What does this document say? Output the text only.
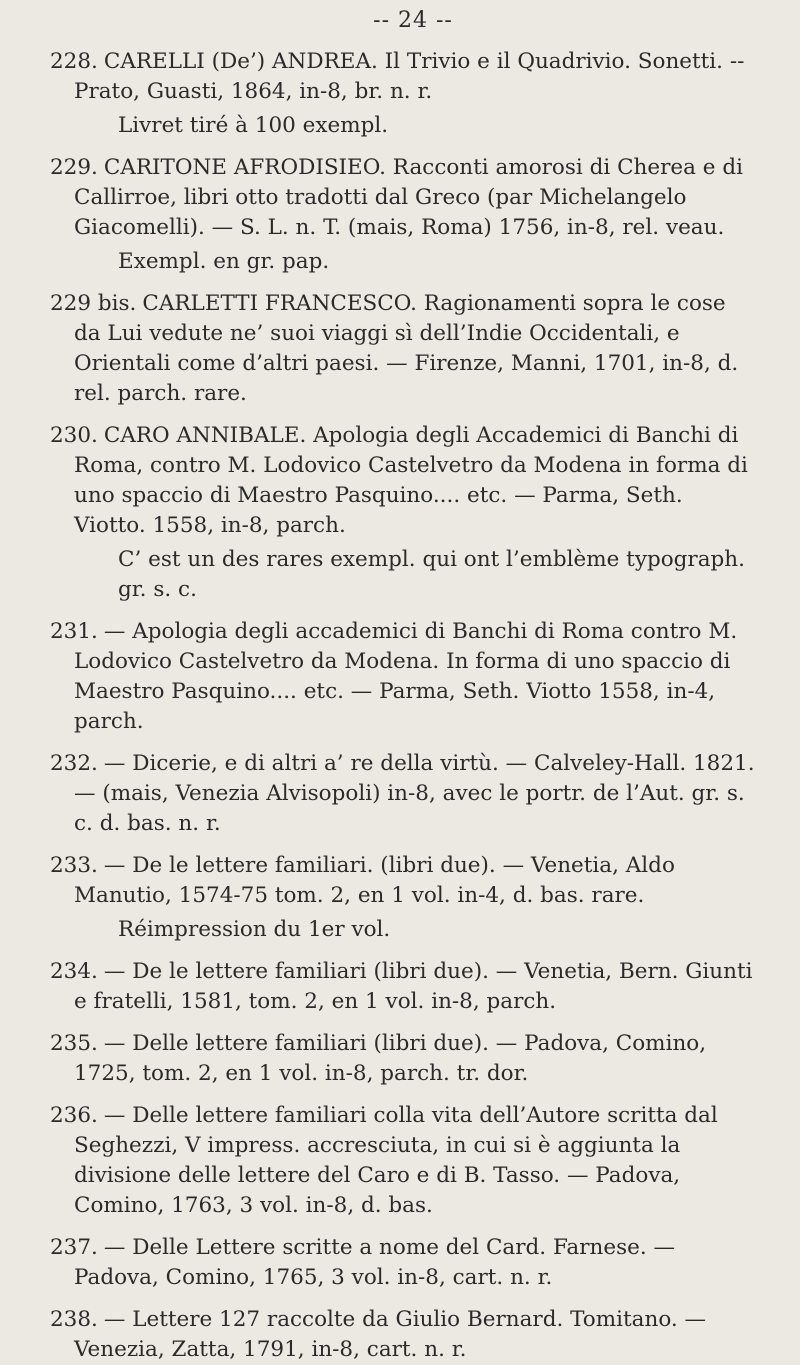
-- 24 --
228. CARELLI (De’) ANDREA. Il Trivio e il Quadrivio. Sonetti. -- Prato, Guasti, 1864, in-8, br. n. r.
Livret tiré à 100 exempl.
229. CARITONE AFRODISIEO. Racconti amorosi di Cherea e di Callirroe, libri otto tradotti dal Greco (par Michelangelo Giacomelli). — S. L. n. T. (mais, Roma) 1756, in-8, rel. veau.
Exempl. en gr. pap.
229 bis. CARLETTI FRANCESCO. Ragionamenti sopra le cose da Lui vedute ne’ suoi viaggi sì dell’Indie Occidentali, e Orientali come d’altri paesi. — Firenze, Manni, 1701, in-8, d. rel. parch. rare.
230. CARO ANNIBALE. Apologia degli Accademici di Banchi di Roma, contro M. Lodovico Castelvetro da Modena in forma di uno spaccio di Maestro Pasquino.... etc. — Parma, Seth. Viotto. 1558, in-8, parch.
C’ est un des rares exempl. qui ont l’emblème typograph. gr. s. c.
231. — Apologia degli accademici di Banchi di Roma contro M. Lodovico Castelvetro da Modena. In forma di uno spaccio di Maestro Pasquino.... etc. — Parma, Seth. Viotto 1558, in-4, parch.
232. — Dicerie, e di altri a’ re della virtù. — Calveley-Hall. 1821. — (mais, Venezia Alvisopoli) in-8, avec le portr. de l’Aut. gr. s. c. d. bas. n. r.
233. — De le lettere familiari. (libri due). — Venetia, Aldo Manutio, 1574-75 tom. 2, en 1 vol. in-4, d. bas. rare.
Réimpression du 1er vol.
234. — De le lettere familiari (libri due). — Venetia, Bern. Giunti e fratelli, 1581, tom. 2, en 1 vol. in-8, parch.
235. — Delle lettere familiari (libri due). — Padova, Comino, 1725, tom. 2, en 1 vol. in-8, parch. tr. dor.
236. — Delle lettere familiari colla vita dell’Autore scritta dal Seghezzi, V impress. accresciuta, in cui si è aggiunta la divisione delle lettere del Caro e di B. Tasso. — Padova, Comino, 1763, 3 vol. in-8, d. bas.
237. — Delle Lettere scritte a nome del Card. Farnese. — Padova, Comino, 1765, 3 vol. in-8, cart. n. r.
238. — Lettere 127 raccolte da Giulio Bernard. Tomitano. — Venezia, Zatta, 1791, in-8, cart. n. r.
